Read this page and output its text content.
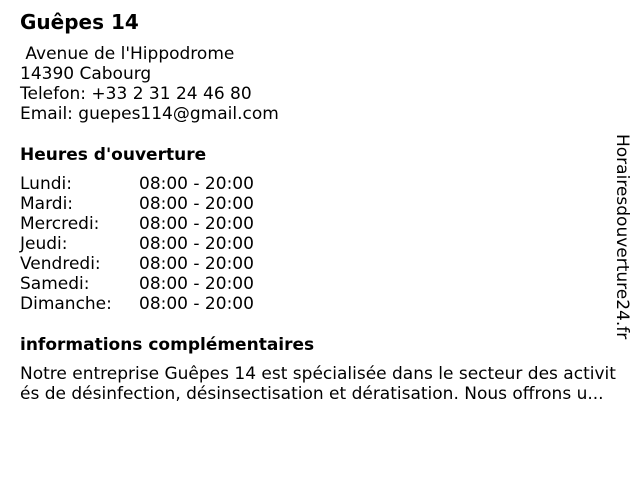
Guêpes 14
Avenue de l'Hippodrome
14390 Cabourg
Telefon: +33 2 31 24 46 80
Email: guepes114@gmail.com
Heures d'ouverture
Lundi:	08:00 - 20:00
Mardi:	08:00 - 20:00
Mercredi: 08:00 - 20:00
Jeudi:	08:00 - 20:00
Vendredi: 08:00 - 20:00
Samedi:	08:00 - 20:00
Dimanche: 08:00 - 20:00
informations complémentaires
Notre entreprise Guêpes 14 est spécialisée dans le secteur des activités de désinfection, désinsectisation et dératisation. Nous offrons u...
Horairesdouverture24.fr
